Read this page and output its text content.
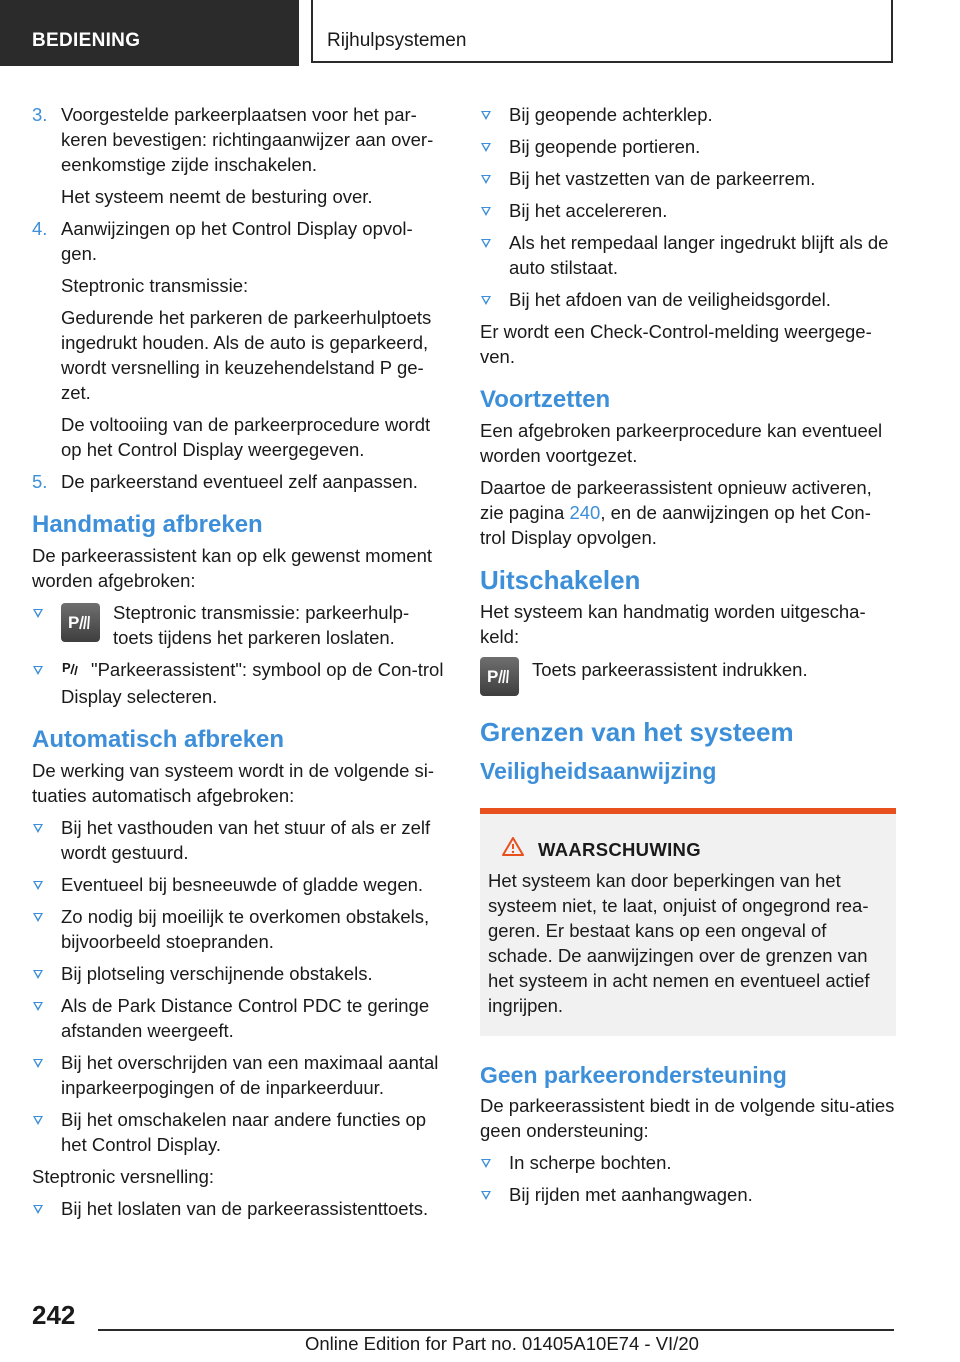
BEDIENING	Rijhulpsystemen
3. Voorgestelde parkeerplaatsen voor het par-keren bevestigen: richtingaanwijzer aan over-eenkomstige zijde inschakelen.

Het systeem neemt de besturing over.

4. Aanwijzingen op het Control Display opvol-gen.

Steptronic transmissie:

Gedurende het parkeren de parkeerhulptoets ingedrukt houden. Als de auto is geparkeerd, wordt versnelling in keuzehendelstand P ge-zet.

De voltooiing van de parkeerprocedure wordt op het Control Display weergegeven.

5. De parkeerstand eventueel zelf aanpassen.

Handmatig afbreken

De parkeerassistent kan op elk gewenst moment worden afgebroken:

P Steptronic transmissie: parkeerhulp-toets tijdens het parkeren loslaten.
P "Parkeerassistent": symbool op de Con-trol Display selecteren.
Automatisch afbreken

De werking van systeem wordt in de volgende si-tuaties automatisch afgebroken:

Bij het vasthouden van het stuur of als er zelf wordt gestuurd.
Eventueel bij besneeuwde of gladde wegen.
Zo nodig bij moeilijk te overkomen obstakels, bijvoorbeeld stoepranden.
Bij plotseling verschijnende obstakels.
Als de Park Distance Control PDC te geringe afstanden weergeeft.
Bij het overschrijden van een maximaal aantal inparkeerpogingen of de inparkeerduur.
Bij het omschakelen naar andere functies op het Control Display.

Steptronic versnelling:

Bij het loslaten van de parkeerassistenttoets.
Bij geopende achterklep.
Bij geopende portieren.
Bij het vastzetten van de parkeerrem.
Bij het accelereren.
Als het rempedaal langer ingedrukt blijft als de auto stilstaat.
Bij het afdoen van de veiligheidsgordel.

Er wordt een Check-Control-melding weergege-ven.

Voortzetten

Een afgebroken parkeerprocedure kan eventueel worden voortgezet.

Daartoe de parkeerassistent opnieuw activeren, zie pagina 240, en de aanwijzingen op het Con-trol Display opvolgen.

Uitschakelen

Het systeem kan handmatig worden uitgescha-keld:

P Toets parkeerassistent indrukken.

Grenzen van het systeem
Veiligheidsaanwijzing
WAARSCHUWING

Het systeem kan door beperkingen van het systeem niet, te laat, onjuist of ongegrond rea-geren. Er bestaat kans op een ongeval of schade. De aanwijzingen over de grenzen van het systeem in acht nemen en eventueel actief ingrijpen.

Geen parkeerondersteuning

De parkeerassistent biedt in de volgende situ-aties geen ondersteuning:

In scherpe bochten.
Bij rijden met aanhangwagen.
242
Online Edition for Part no. 01405A10E74 - VI/20
